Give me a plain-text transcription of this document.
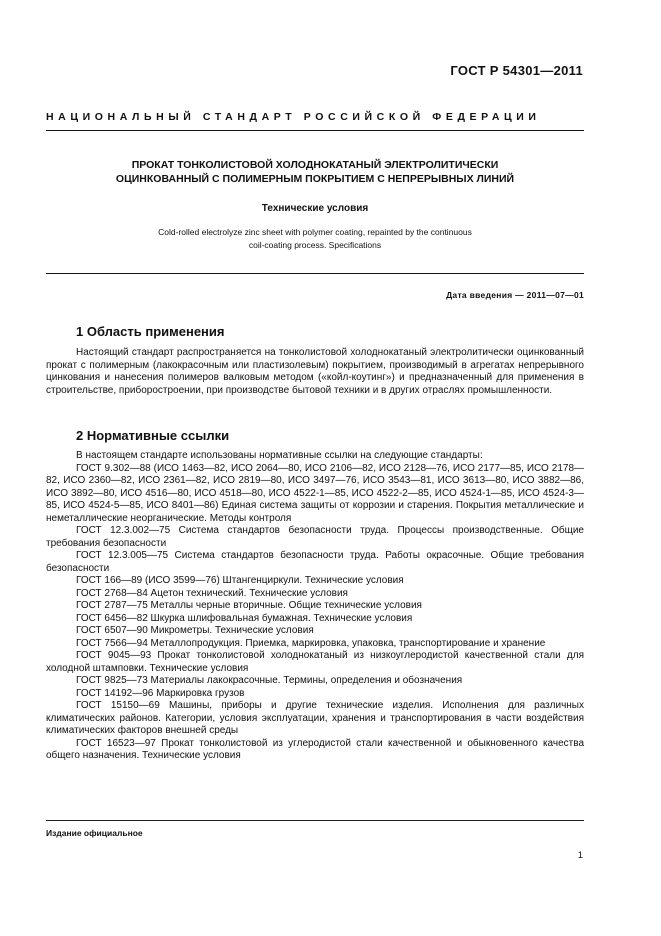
ГОСТ Р 54301—2011
НАЦИОНАЛЬНЫЙ СТАНДАРТ РОССИЙСКОЙ ФЕДЕРАЦИИ
ПРОКАТ ТОНКОЛИСТОВОЙ ХОЛОДНОКАТАНЫЙ ЭЛЕКТРОЛИТИЧЕСКИ
ОЦИНКОВАННЫЙ С ПОЛИМЕРНЫМ ПОКРЫТИЕМ С НЕПРЕРЫВНЫХ ЛИНИЙ
Технические условия
Cold-rolled electrolyze zinc sheet with polymer coating, repainted by the continuous
coil-coating process. Specifications
Дата введения — 2011—07—01
1 Область применения

Настоящий стандарт распространяется на тонколистовой холоднокатаный электролитически оцинкованный прокат с полимерным (лакокрасочным или пластизолевым) покрытием, производимый в агрегатах непрерывного цинкования и нанесения полимеров валковым методом («койл-коутинг») и предназначенный для применения в строительстве, приборостроении, при производстве бытовой техники и в других отраслях промышленности.

2 Нормативные ссылки

В настоящем стандарте использованы нормативные ссылки на следующие стандарты:

ГОСТ 9.302—88 (ИСО 1463—82, ИСО 2064—80, ИСО 2106—82, ИСО 2128—76, ИСО 2177—85, ИСО 2178—82, ИСО 2360—82, ИСО 2361—82, ИСО 2819—80, ИСО 3497—76, ИСО 3543—81, ИСО 3613—80, ИСО 3882—86, ИСО 3892—80, ИСО 4516—80, ИСО 4518—80, ИСО 4522-1—85, ИСО 4522-2—85, ИСО 4524-1—85, ИСО 4524-3—85, ИСО 4524-5—85, ИСО 8401—86) Единая система защиты от коррозии и старения. Покрытия металлические и неметаллические неорганические. Методы контроля

ГОСТ 12.3.002—75 Система стандартов безопасности труда. Процессы производственные. Общие требования безопасности

ГОСТ 12.3.005—75 Система стандартов безопасности труда. Работы окрасочные. Общие требования безопасности

ГОСТ 166—89 (ИСО 3599—76) Штангенциркули. Технические условия

ГОСТ 2768—84 Ацетон технический. Технические условия

ГОСТ 2787—75 Металлы черные вторичные. Общие технические условия

ГОСТ 6456—82 Шкурка шлифовальная бумажная. Технические условия

ГОСТ 6507—90 Микрометры. Технические условия

ГОСТ 7566—94 Металлопродукция. Приемка, маркировка, упаковка, транспортирование и хранение

ГОСТ 9045—93 Прокат тонколистовой холоднокатаный из низкоуглеродистой качественной стали для холодной штамповки. Технические условия

ГОСТ 9825—73 Материалы лакокрасочные. Термины, определения и обозначения

ГОСТ 14192—96 Маркировка грузов

ГОСТ 15150—69 Машины, приборы и другие технические изделия. Исполнения для различных климатических районов. Категории, условия эксплуатации, хранения и транспортирования в части воздействия климатических факторов внешней среды

ГОСТ 16523—97 Прокат тонколистовой из углеродистой стали качественной и обыкновенного качества общего назначения. Технические условия

Издание официальное
1
